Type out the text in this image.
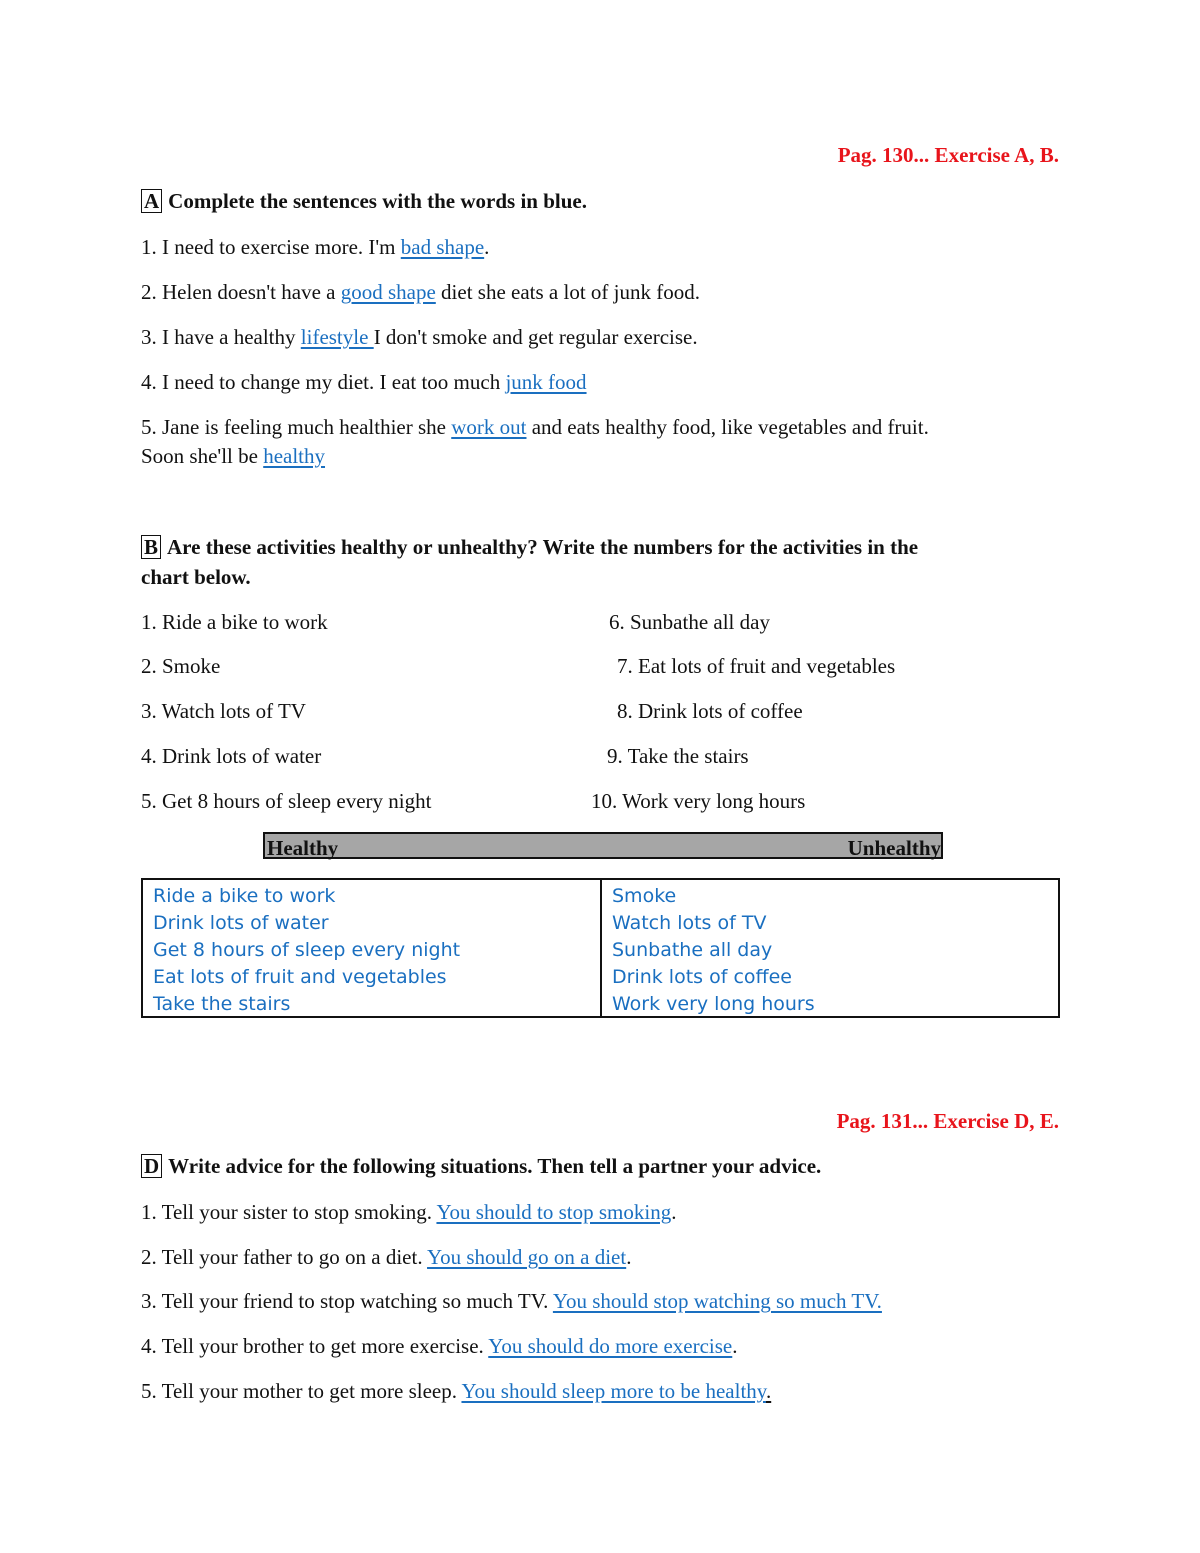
Pag. 130... Exercise A, B.
A Complete the sentences with the words in blue.
1. I need to exercise more. I'm bad shape.
2. Helen doesn't have a good shape diet she eats a lot of junk food.
3. I have a healthy lifestyle I don't smoke and get regular exercise.
4. I need to change my diet. I eat too much junk food
5. Jane is feeling much healthier she work out and eats healthy food, like vegetables and fruit.
Soon she'll be healthy
B Are these activities healthy or unhealthy? Write the numbers for the activities in the
chart below.
1. Ride a bike to work
2. Smoke
3. Watch lots of TV
4. Drink lots of water
5. Get 8 hours of sleep every night
6. Sunbathe all day
7. Eat lots of fruit and vegetables
8. Drink lots of coffee
9. Take the stairs
10. Work very long hours
Healthy	Unhealthy
Ride a bike to work
Drink lots of water
Get 8 hours of sleep every night
Eat lots of fruit and vegetables
Take the stairs
Smoke
Watch lots of TV
Sunbathe all day
Drink lots of coffee
Work very long hours
Pag. 131... Exercise D, E.
D Write advice for the following situations. Then tell a partner your advice.
1. Tell your sister to stop smoking. You should to stop smoking.
2. Tell your father to go on a diet. You should go on a diet.
3. Tell your friend to stop watching so much TV. You should stop watching so much TV.
4. Tell your brother to get more exercise. You should do more exercise.
5. Tell your mother to get more sleep. You should sleep more to be healthy.
